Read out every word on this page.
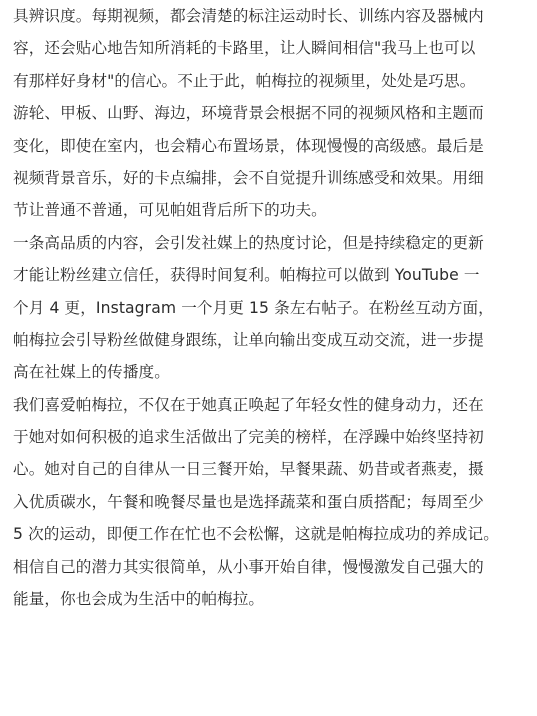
具辨识度。每期视频，都会清楚的标注运动时长、训练内容及器械内
容，还会贴心地告知所消耗的卡路里，让人瞬间相信"我马上也可以
有那样好身材"的信心。不止于此，帕梅拉的视频里，处处是巧思。
游轮、甲板、山野、海边，环境背景会根据不同的视频风格和主题而
变化，即使在室内，也会精心布置场景，体现慢慢的高级感。最后是
视频背景音乐，好的卡点编排，会不自觉提升训练感受和效果。用细
节让普通不普通，可见帕姐背后所下的功夫。
一条高品质的内容，会引发社媒上的热度讨论，但是持续稳定的更新
才能让粉丝建立信任，获得时间复利。帕梅拉可以做到 YouTube 一
个月 4 更，Instagram 一个月更 15 条左右帖子。在粉丝互动方面，
帕梅拉会引导粉丝做健身跟练，让单向输出变成互动交流，进一步提
高在社媒上的传播度。
我们喜爱帕梅拉，不仅在于她真正唤起了年轻女性的健身动力，还在
于她对如何积极的追求生活做出了完美的榜样，在浮躁中始终坚持初
心。她对自己的自律从一日三餐开始，早餐果蔬、奶昔或者燕麦，摄
入优质碳水，午餐和晚餐尽量也是选择蔬菜和蛋白质搭配；每周至少
5 次的运动，即便工作在忙也不会松懈，这就是帕梅拉成功的养成记。
相信自己的潜力其实很简单，从小事开始自律，慢慢激发自己强大的
能量，你也会成为生活中的帕梅拉。
